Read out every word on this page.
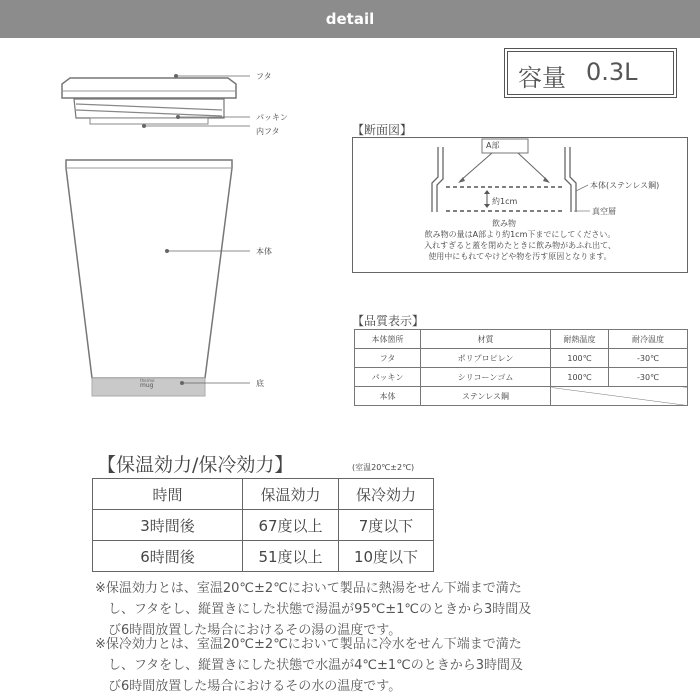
detail
フタ
パッキン
内フタ
本体
底
thermo
mug
容量 0.3L
【断面図】
A部
本体(ステンレス鋼)
真空層
約1cm
飲み物
飲み物の量はA部より約1cm下までにしてください。
入れすぎると蓋を閉めたときに飲み物があふれ出て、
使用中にもれてやけどや物を汚す原因となります。
【品質表示】
本体箇所	材質	耐熱温度	耐冷温度
フタ	ポリプロピレン	100℃	-30℃
パッキン	シリコーンゴム	100℃	-30℃
本体	ステンレス鋼		
【保温効力/保冷効力】	(室温20℃±2℃)
時間	保温効力	保冷効力
3時間後	67度以上	7度以下
6時間後	51度以上	10度以下
※保温効力とは、室温20℃±2℃において製品に熱湯をせん下端まで満た
し、フタをし、縦置きにした状態で湯温が95℃±1℃のときから3時間及
び6時間放置した場合におけるその湯の温度です。
※保冷効力とは、室温20℃±2℃において製品に冷水をせん下端まで満た
し、フタをし、縦置きにした状態で水温が4℃±1℃のときから3時間及
び6時間放置した場合におけるその水の温度です。
